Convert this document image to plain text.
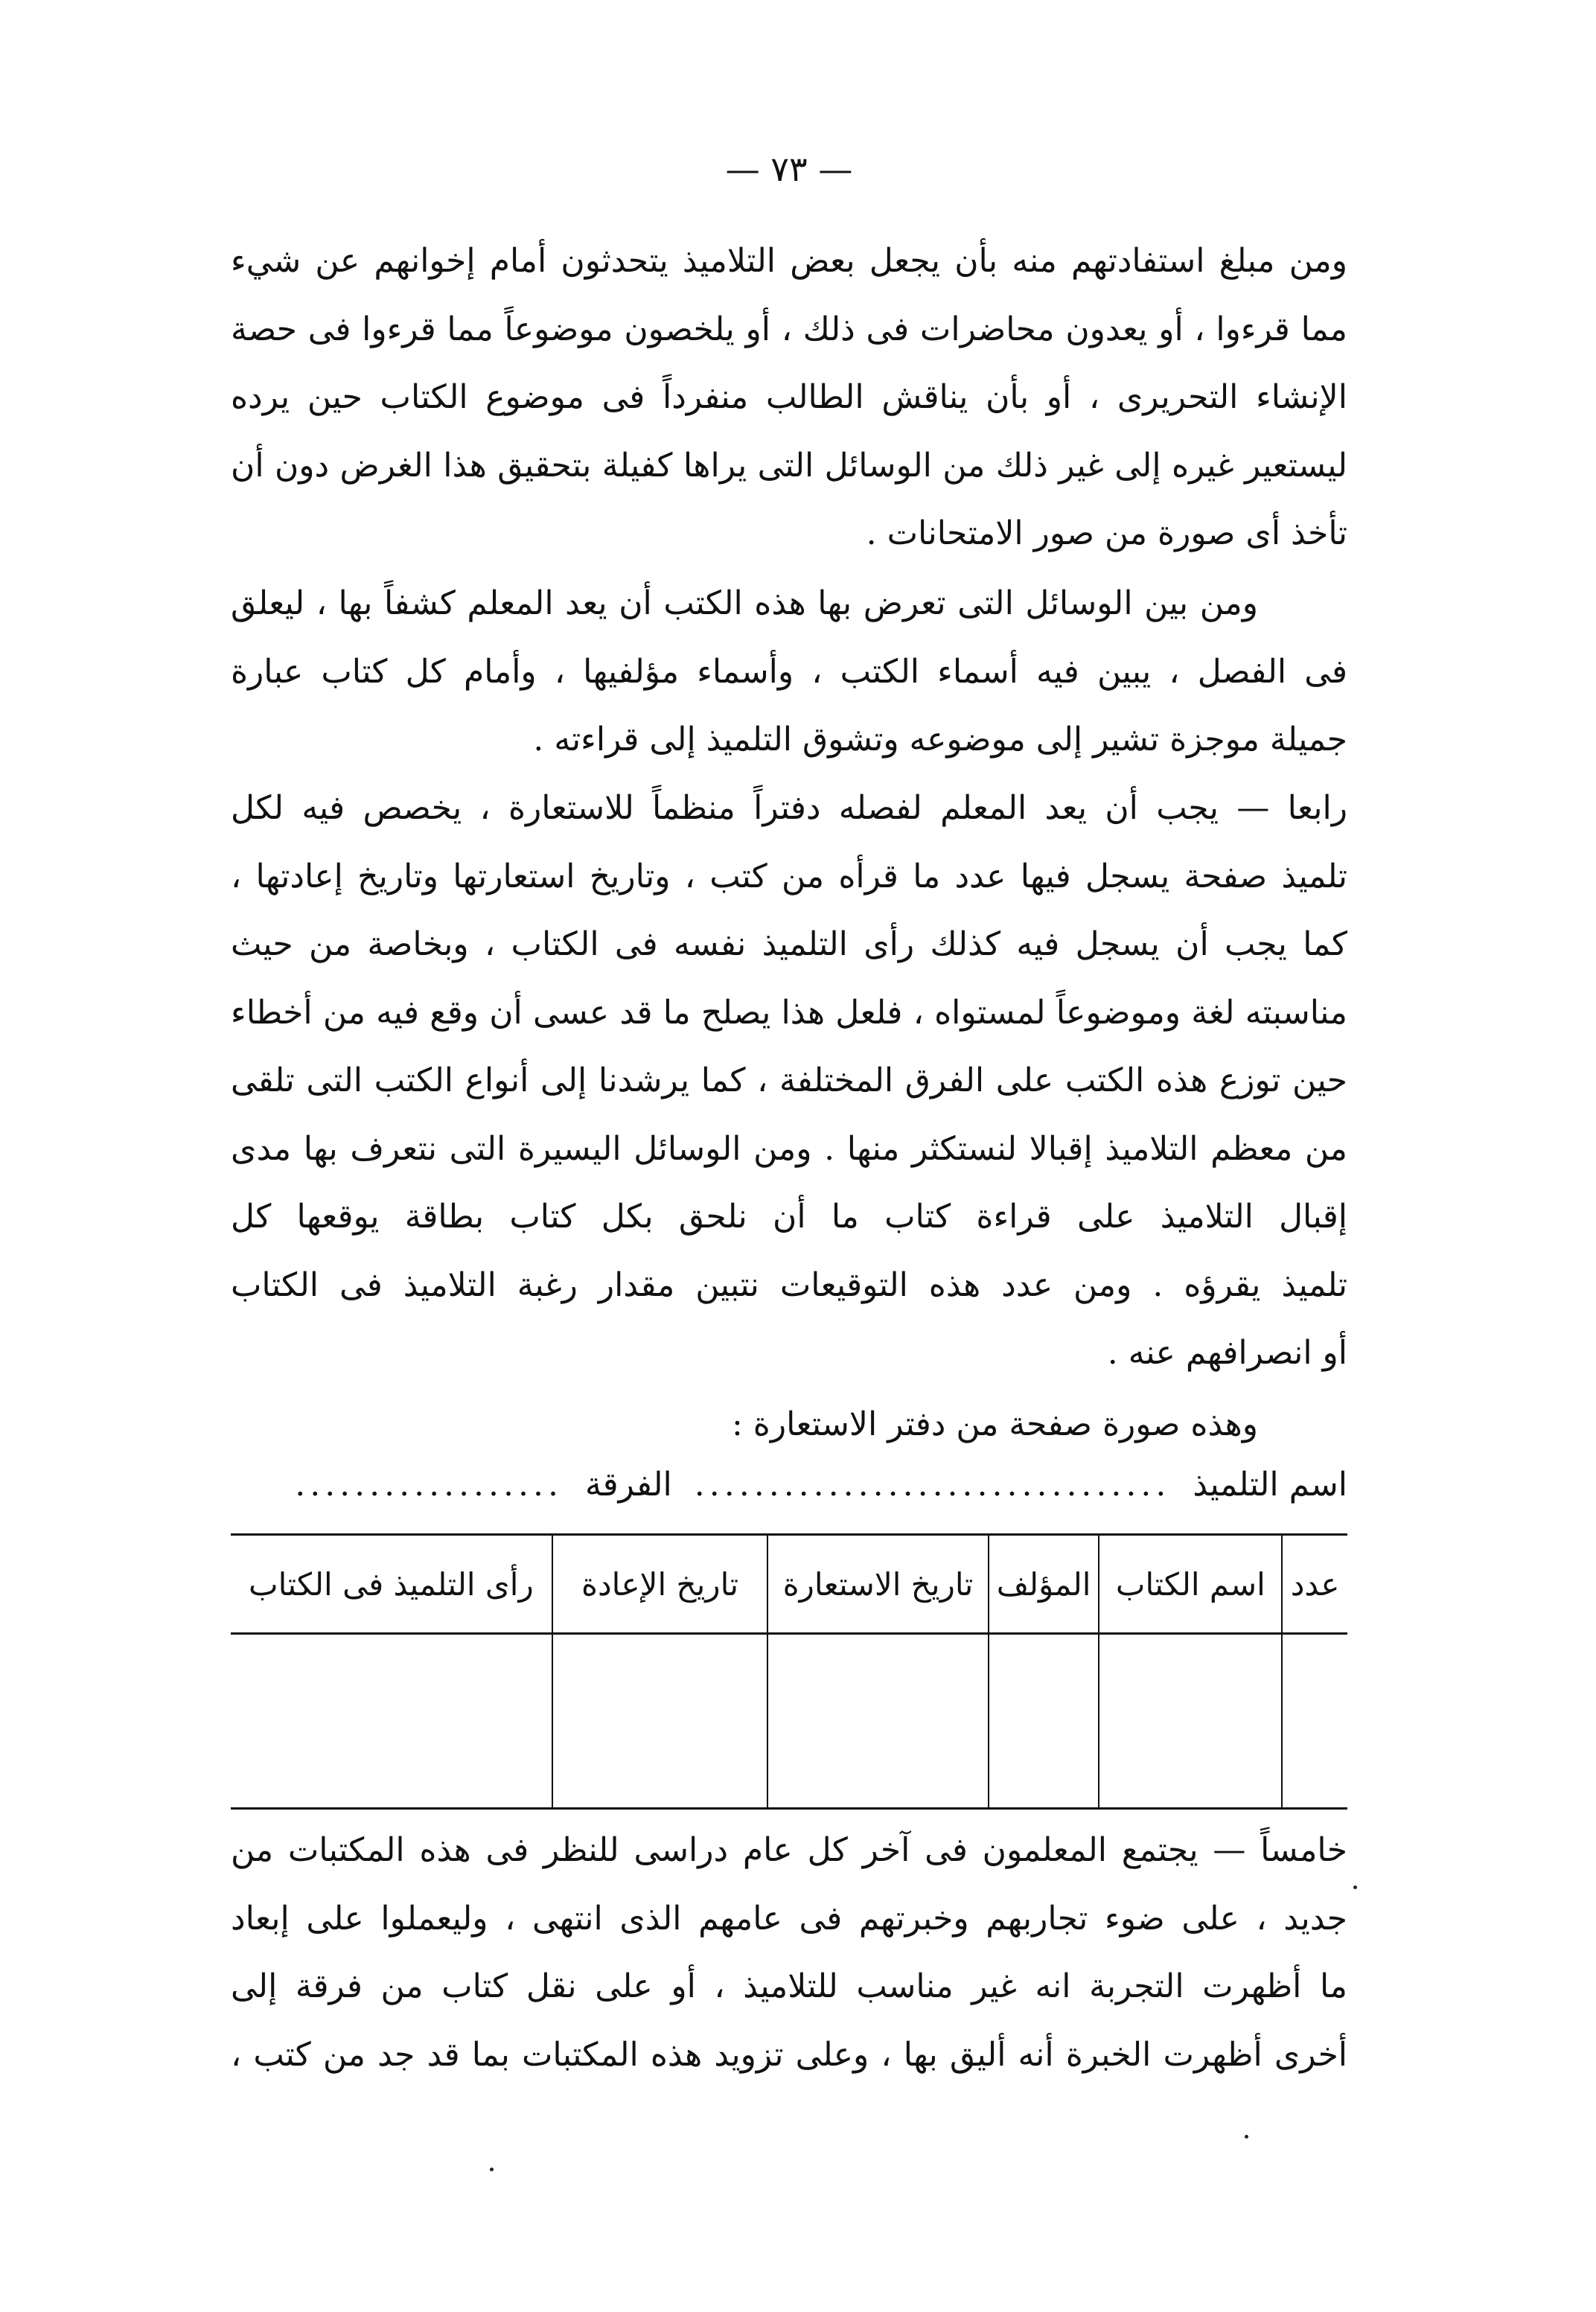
— ٧٣ —
ومن مبلغ استفادتهم منه بأن يجعل بعض التلاميذ يتحدثون أمام إخوانهم عن شيء
مما قرءوا ، أو يعدون محاضرات فى ذلك ، أو يلخصون موضوعاً مما قرءوا فى حصة
الإنشاء التحريرى ، أو بأن يناقش الطالب منفرداً فى موضوع الكتاب حين يرده
ليستعير غيره إلى غير ذلك من الوسائل التى يراها كفيلة بتحقيق هذا الغرض دون أن
تأخذ أى صورة من صور الامتحانات .
ومن بين الوسائل التى تعرض بها هذه الكتب أن يعد المعلم كشفاً بها ، ليعلق
فى الفصل ، يبين فيه أسماء الكتب ، وأسماء مؤلفيها ، وأمام كل كتاب عبارة
جميلة موجزة تشير إلى موضوعه وتشوق التلميذ إلى قراءته .
رابعا — يجب أن يعد المعلم لفصله دفتراً منظماً للاستعارة ، يخصص فيه لكل
تلميذ صفحة يسجل فيها عدد ما قرأه من كتب ، وتاريخ استعارتها وتاريخ إعادتها ،
كما يجب أن يسجل فيه كذلك رأى التلميذ نفسه فى الكتاب ، وبخاصة من حيث
مناسبته لغة وموضوعاً لمستواه ، فلعل هذا يصلح ما قد عسى أن وقع فيه من أخطاء
حين توزع هذه الكتب على الفرق المختلفة ، كما يرشدنا إلى أنواع الكتب التى تلقى
من معظم التلاميذ إقبالا لنستكثر منها . ومن الوسائل اليسيرة التى نتعرف بها مدى
إقبال التلاميذ على قراءة كتاب ما أن نلحق بكل كتاب بطاقة يوقعها كل
تلميذ يقرؤه . ومن عدد هذه التوقيعات نتبين مقدار رغبة التلاميذ فى الكتاب
أو انصرافهم عنه .
وهذه صورة صفحة من دفتر الاستعارة :
اسم التلميذ
................................
الفرقة
..................
عدد	اسم الكتاب	المؤلف	تاريخ الاستعارة	تاريخ الإعادة	رأى التلميذ فى الكتاب

خامساً — يجتمع المعلمون فى آخر كل عام دراسى للنظر فى هذه المكتبات من
جديد ، على ضوء تجاربهم وخبرتهم فى عامهم الذى انتهى ، وليعملوا على إبعاد
ما أظهرت التجربة انه غير مناسب للتلاميذ ، أو على نقل كتاب من فرقة إلى
أخرى أظهرت الخبرة أنه أليق بها ، وعلى تزويد هذه المكتبات بما قد جد من كتب ،
